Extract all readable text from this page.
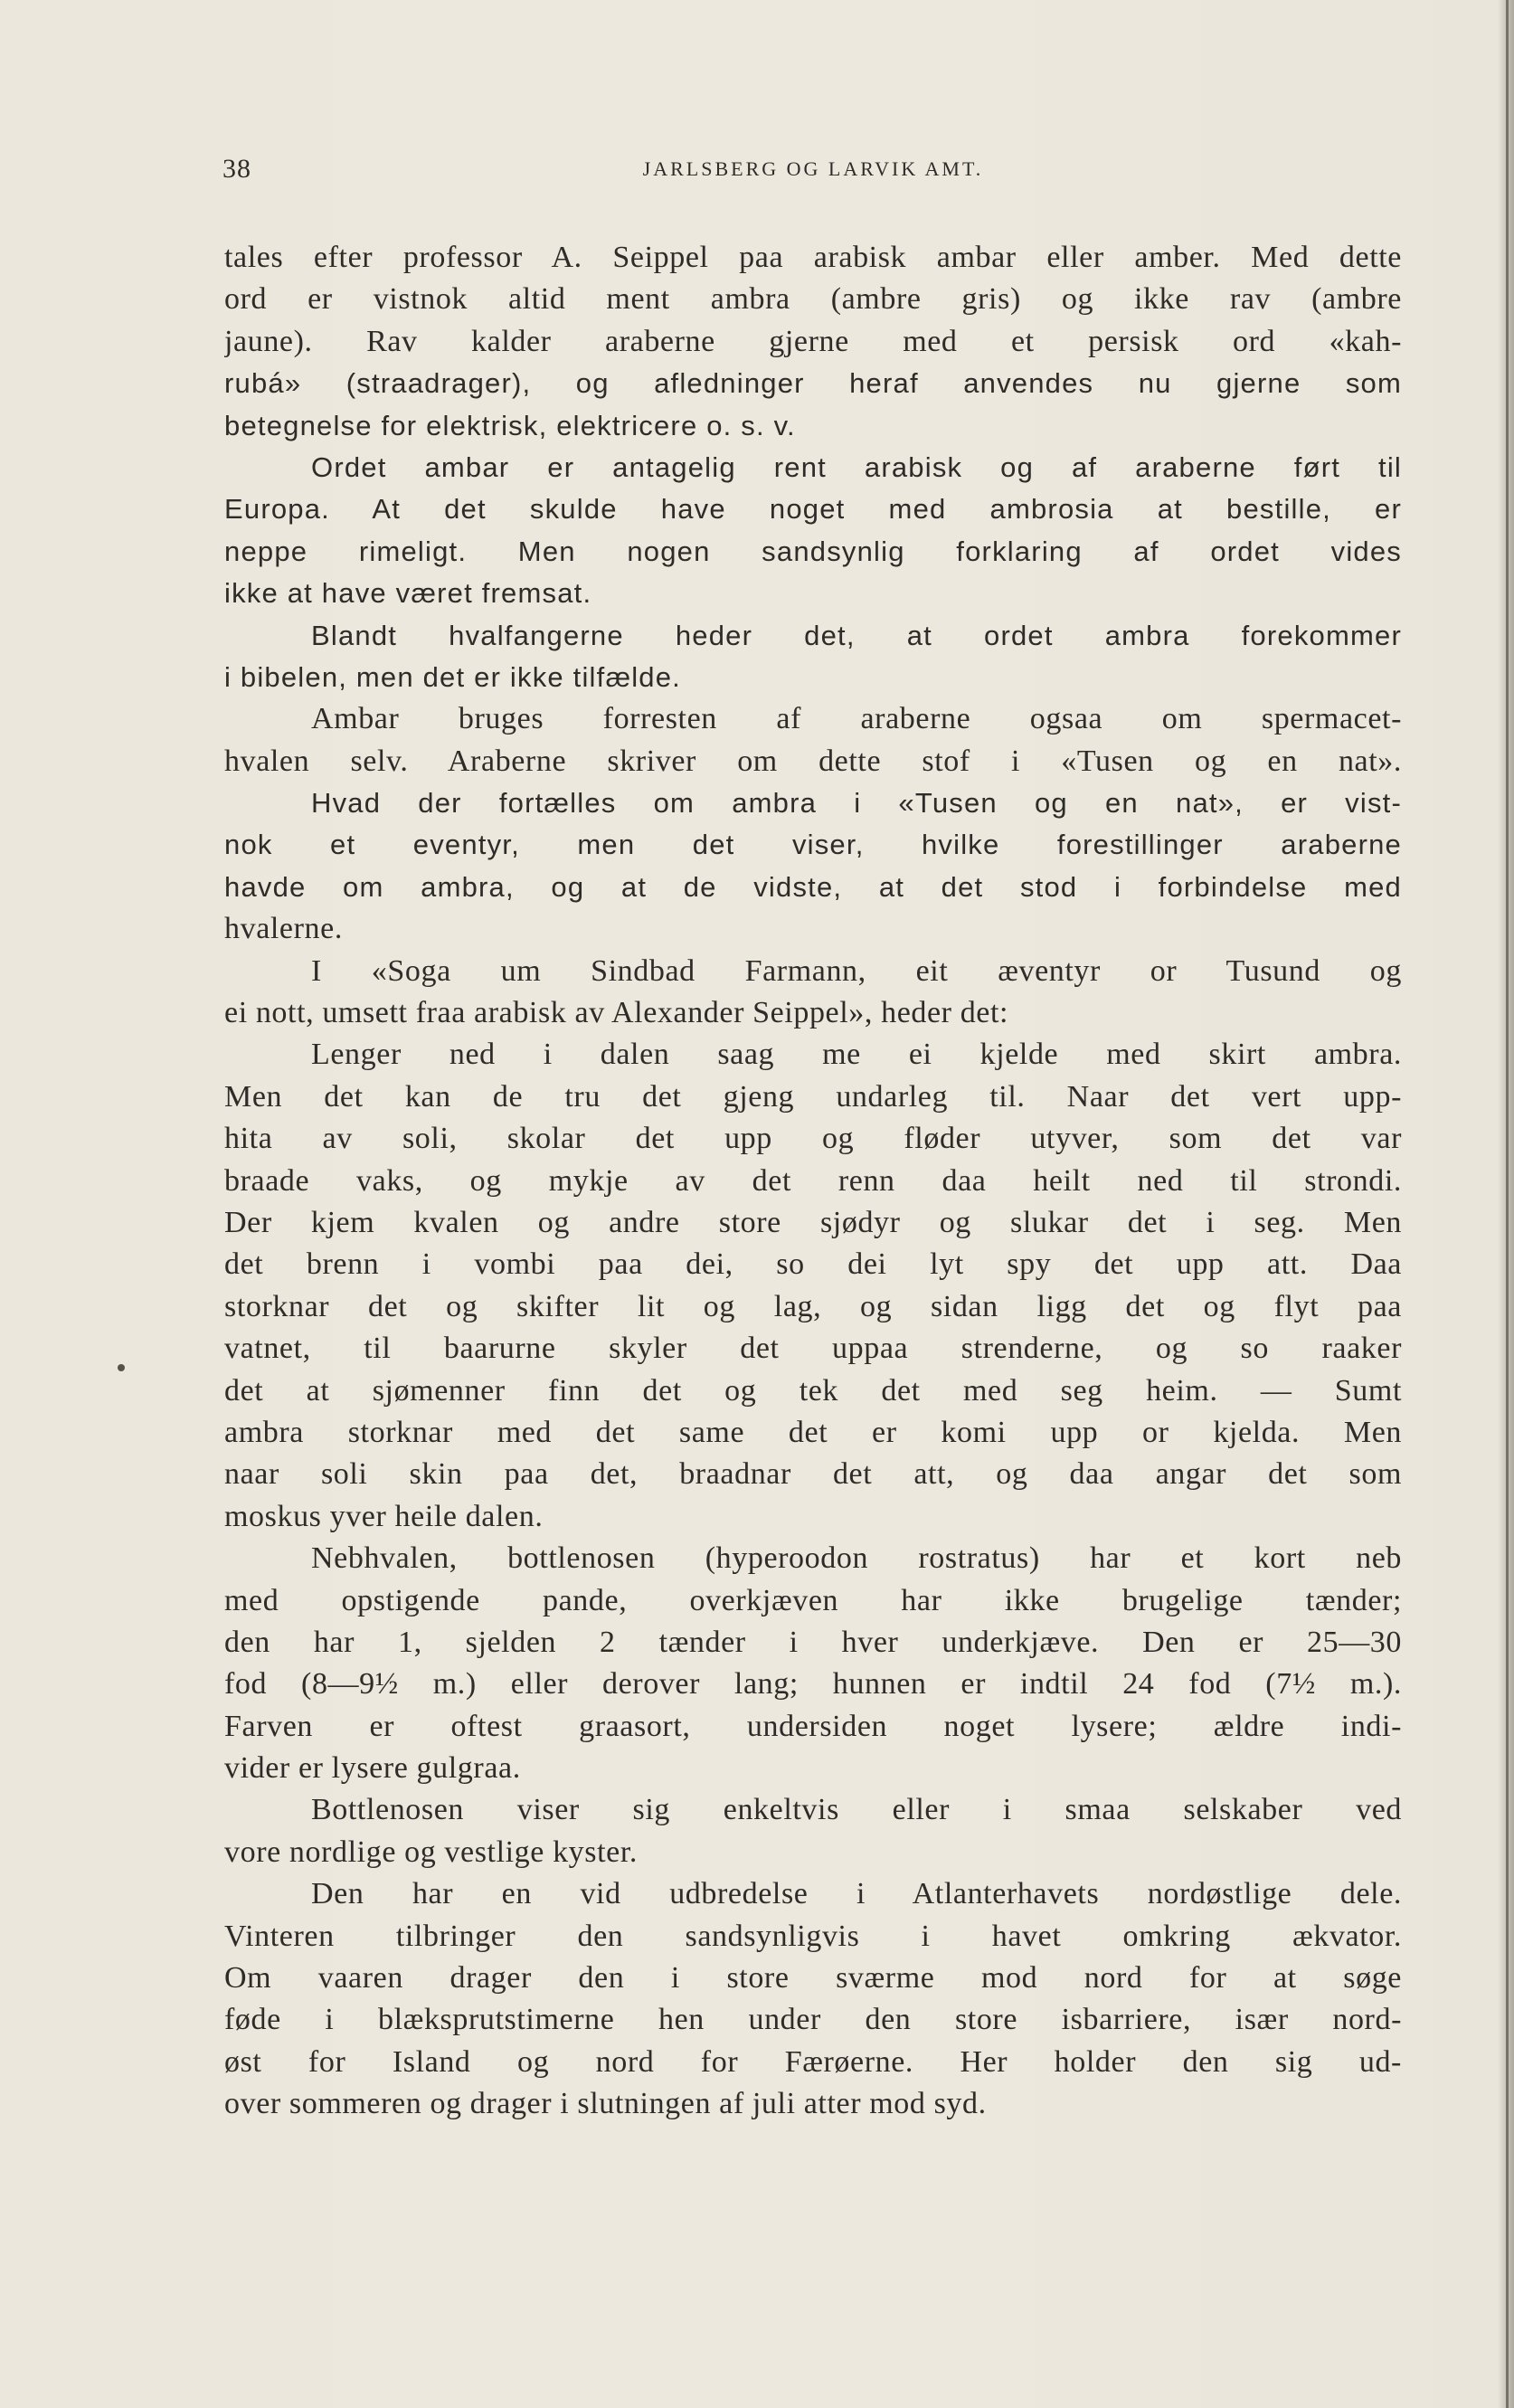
38	JARLSBERG OG LARVIK AMT.
tales efter professor A. Seippel paa arabisk ambar eller amber. Med dette
ord er vistnok altid ment ambra (ambre gris) og ikke rav (ambre
jaune). Rav kalder araberne gjerne med et persisk ord «kah-
rubá» (straadrager), og afledninger heraf anvendes nu gjerne som
betegnelse for elektrisk, elektricere o. s. v.
Ordet ambar er antagelig rent arabisk og af araberne ført til
Europa. At det skulde have noget med ambrosia at bestille, er
neppe rimeligt. Men nogen sandsynlig forklaring af ordet vides
ikke at have været fremsat.
Blandt hvalfangerne heder det, at ordet ambra forekommer
i bibelen, men det er ikke tilfælde.
Ambar bruges forresten af araberne ogsaa om spermacet-
hvalen selv. Araberne skriver om dette stof i «Tusen og en nat».
Hvad der fortælles om ambra i «Tusen og en nat», er vist-
nok et eventyr, men det viser, hvilke forestillinger araberne
havde om ambra, og at de vidste, at det stod i forbindelse med
hvalerne.
I «Soga um Sindbad Farmann, eit æventyr or Tusund og
ei nott, umsett fraa arabisk av Alexander Seippel», heder det:
Lenger ned i dalen saag me ei kjelde med skirt ambra.
Men det kan de tru det gjeng undarleg til. Naar det vert upp-
hita av soli, skolar det upp og fløder utyver, som det var
braade vaks, og mykje av det renn daa heilt ned til strondi.
Der kjem kvalen og andre store sjødyr og slukar det i seg. Men
det brenn i vombi paa dei, so dei lyt spy det upp att. Daa
storknar det og skifter lit og lag, og sidan ligg det og flyt paa
vatnet, til baarurne skyler det uppaa strenderne, og so raaker
det at sjømenner finn det og tek det med seg heim. — Sumt
ambra storknar med det same det er komi upp or kjelda. Men
naar soli skin paa det, braadnar det att, og daa angar det som
moskus yver heile dalen.
Nebhvalen, bottlenosen (hyperoodon rostratus) har et kort neb
med opstigende pande, overkjæven har ikke brugelige tænder;
den har 1, sjelden 2 tænder i hver underkjæve. Den er 25—30
fod (8—9½ m.) eller derover lang; hunnen er indtil 24 fod (7½ m.).
Farven er oftest graasort, undersiden noget lysere; ældre indi-
vider er lysere gulgraa.
Bottlenosen viser sig enkeltvis eller i smaa selskaber ved
vore nordlige og vestlige kyster.
Den har en vid udbredelse i Atlanterhavets nordøstlige dele.
Vinteren tilbringer den sandsynligvis i havet omkring ækvator.
Om vaaren drager den i store sværme mod nord for at søge
føde i blæksprutstimerne hen under den store isbarriere, især nord-
øst for Island og nord for Færøerne. Her holder den sig ud-
over sommeren og drager i slutningen af juli atter mod syd.
